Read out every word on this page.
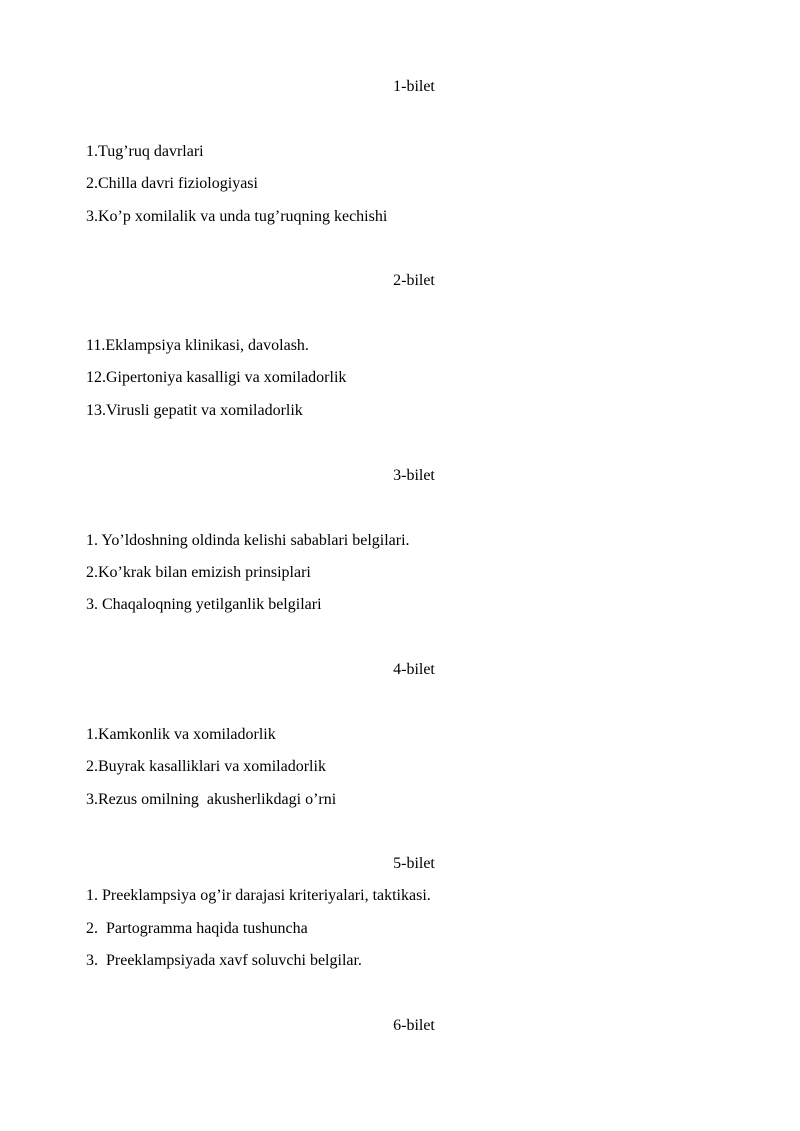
1-bilet
1.Tug’ruq davrlari
2.Chilla davri fiziologiyasi
3.Ko’p xomilalik va unda tug’ruqning kechishi
2-bilet
11.Eklampsiya klinikasi, davolash.
12.Gipertoniya kasalligi va xomiladorlik
13.Virusli gepatit va xomiladorlik
3-bilet
1. Yo’ldoshning oldinda kelishi sabablari belgilari.
2.Ko’krak bilan emizish prinsiplari
3. Chaqaloqning yetilganlik belgilari
4-bilet
1.Kamkonlik va xomiladorlik
2.Buyrak kasalliklari va xomiladorlik
3.Rezus omilning  akusherlikdagi o’rni
5-bilet
1. Preeklampsiya og’ir darajasi kriteriyalari, taktikasi.
2.  Partogramma haqida tushuncha
3.  Preeklampsiyada xavf soluvchi belgilar.
6-bilet
